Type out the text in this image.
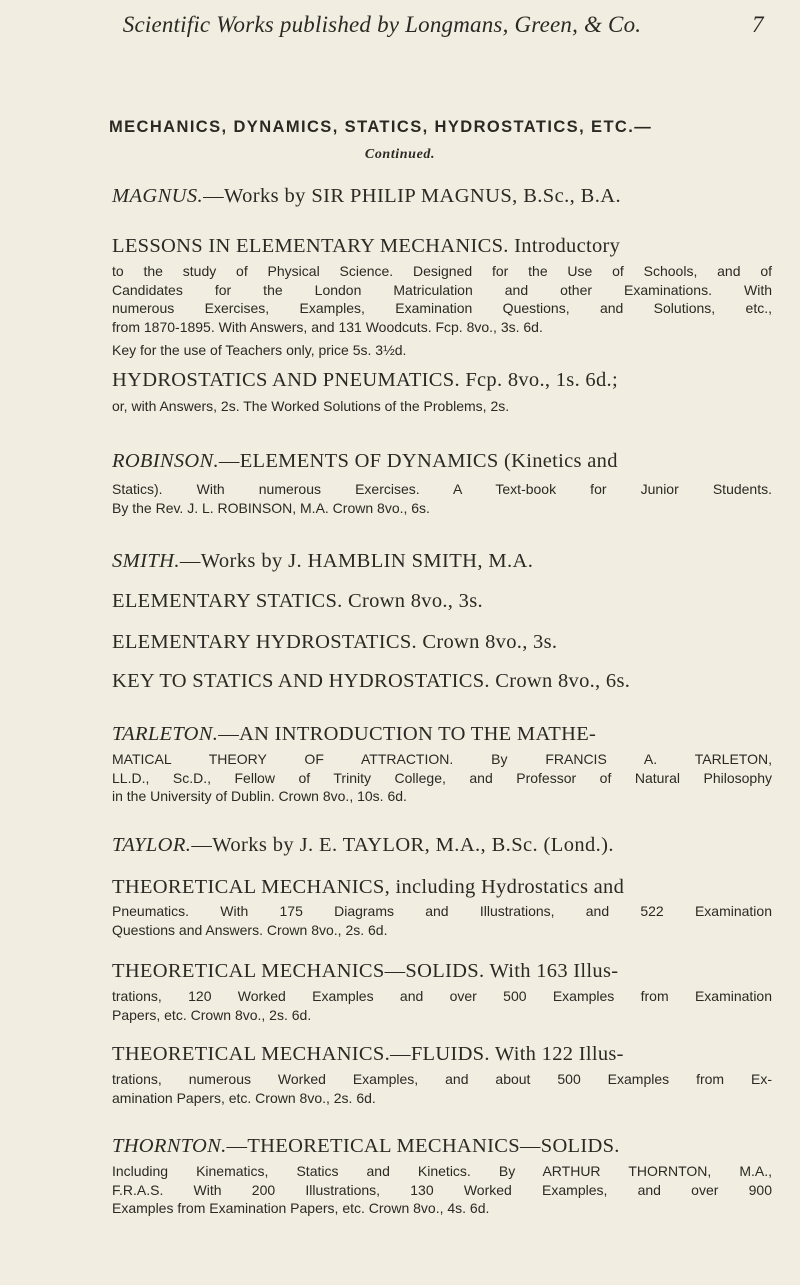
Scientific Works published by Longmans, Green, & Co.	7
MECHANICS, DYNAMICS, STATICS, HYDROSTATICS, ETC.—
Continued.
MAGNUS.—Works by SIR PHILIP MAGNUS, B.Sc., B.A.
LESSONS IN ELEMENTARY MECHANICS. Introductory
to the study of Physical Science. Designed for the Use of Schools, and of
Candidates for the London Matriculation and other Examinations. With
numerous Exercises, Examples, Examination Questions, and Solutions, etc.,
from 1870-1895. With Answers, and 131 Woodcuts. Fcp. 8vo., 3s. 6d.
Key for the use of Teachers only, price 5s. 3½d.
HYDROSTATICS AND PNEUMATICS. Fcp. 8vo., 1s. 6d.;
or, with Answers, 2s. The Worked Solutions of the Problems, 2s.
ROBINSON.—ELEMENTS OF DYNAMICS (Kinetics and
Statics). With numerous Exercises. A Text-book for Junior Students.
By the Rev. J. L. ROBINSON, M.A. Crown 8vo., 6s.
SMITH.—Works by J. HAMBLIN SMITH, M.A.
ELEMENTARY STATICS. Crown 8vo., 3s.
ELEMENTARY HYDROSTATICS. Crown 8vo., 3s.
KEY TO STATICS AND HYDROSTATICS. Crown 8vo., 6s.
TARLETON.—AN INTRODUCTION TO THE MATHE-
MATICAL THEORY OF ATTRACTION. By FRANCIS A. TARLETON,
LL.D., Sc.D., Fellow of Trinity College, and Professor of Natural Philosophy
in the University of Dublin. Crown 8vo., 10s. 6d.
TAYLOR.—Works by J. E. TAYLOR, M.A., B.Sc. (Lond.).
THEORETICAL MECHANICS, including Hydrostatics and
Pneumatics. With 175 Diagrams and Illustrations, and 522 Examination
Questions and Answers. Crown 8vo., 2s. 6d.
THEORETICAL MECHANICS—SOLIDS. With 163 Illus-
trations, 120 Worked Examples and over 500 Examples from Examination
Papers, etc. Crown 8vo., 2s. 6d.
THEORETICAL MECHANICS.—FLUIDS. With 122 Illus-
trations, numerous Worked Examples, and about 500 Examples from Ex-
amination Papers, etc. Crown 8vo., 2s. 6d.
THORNTON.—THEORETICAL MECHANICS—SOLIDS.
Including Kinematics, Statics and Kinetics. By ARTHUR THORNTON, M.A.,
F.R.A.S. With 200 Illustrations, 130 Worked Examples, and over 900
Examples from Examination Papers, etc. Crown 8vo., 4s. 6d.
